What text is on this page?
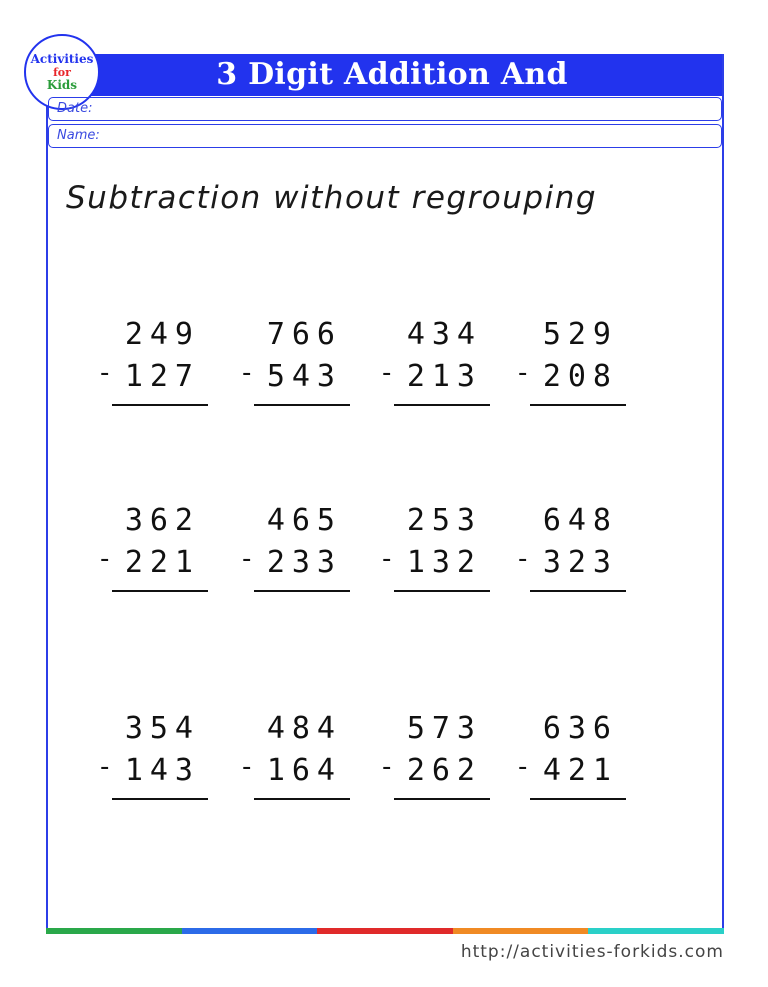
3 Digit Addition And Subtraction
Activities
for
Kids
Date:
Name:
Subtraction without regrouping
249
- 127
766
- 543
434
- 213
529
- 208
362
- 221
465
- 233
253
- 132
648
- 323
354
- 143
484
- 164
573
- 262
636
- 421
http://activities-forkids.com
